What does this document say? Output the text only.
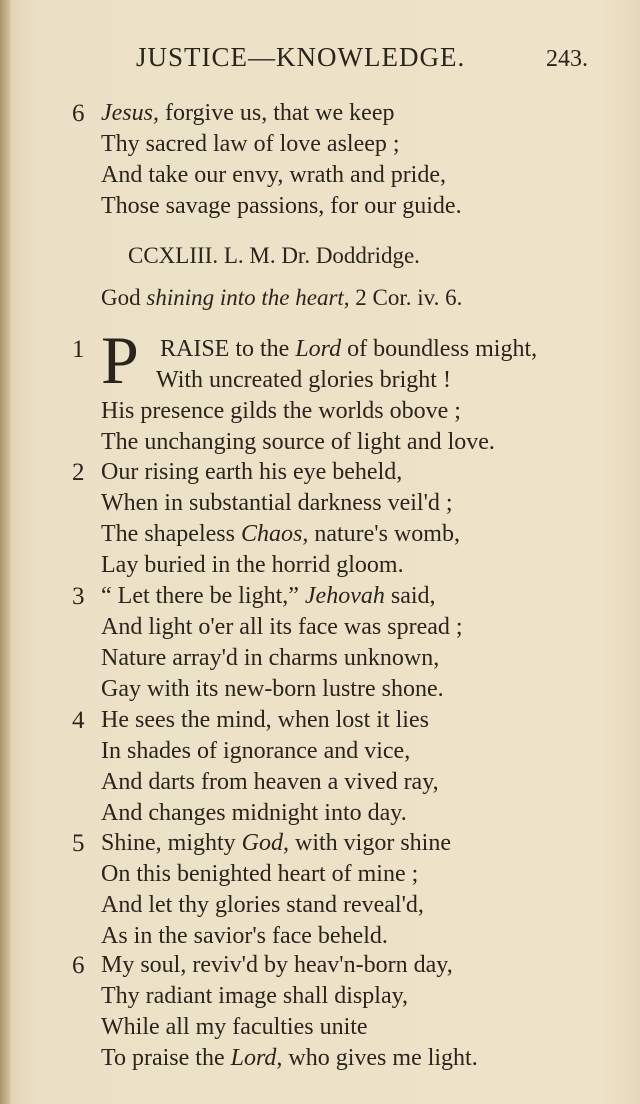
JUSTICE—KNOWLEDGE.	243.
6 Jesus, forgive us, that we keep
Thy sacred law of love asleep ;
And take our envy, wrath and pride,
Those savage passions, for our guide.
CCXLIII. L. M. Dr. Doddridge.
God shining into the heart, 2 Cor. iv. 6.
P
1	RAISE to the Lord of boundless might,
With uncreated glories bright !
His presence gilds the worlds obove ;
The unchanging source of light and love.
2 Our rising earth his eye beheld,
When in substantial darkness veil'd ;
The shapeless Chaos, nature's womb,
Lay buried in the horrid gloom.
3 “ Let there be light,” Jehovah said,
And light o'er all its face was spread ;
Nature array'd in charms unknown,
Gay with its new-born lustre shone.
4 He sees the mind, when lost it lies
In shades of ignorance and vice,
And darts from heaven a vived ray,
And changes midnight into day.
5 Shine, mighty God, with vigor shine
On this benighted heart of mine ;
And let thy glories stand reveal'd,
As in the savior's face beheld.
6 My soul, reviv'd by heav'n-born day,
Thy radiant image shall display,
While all my faculties unite
To praise the Lord, who gives me light.
